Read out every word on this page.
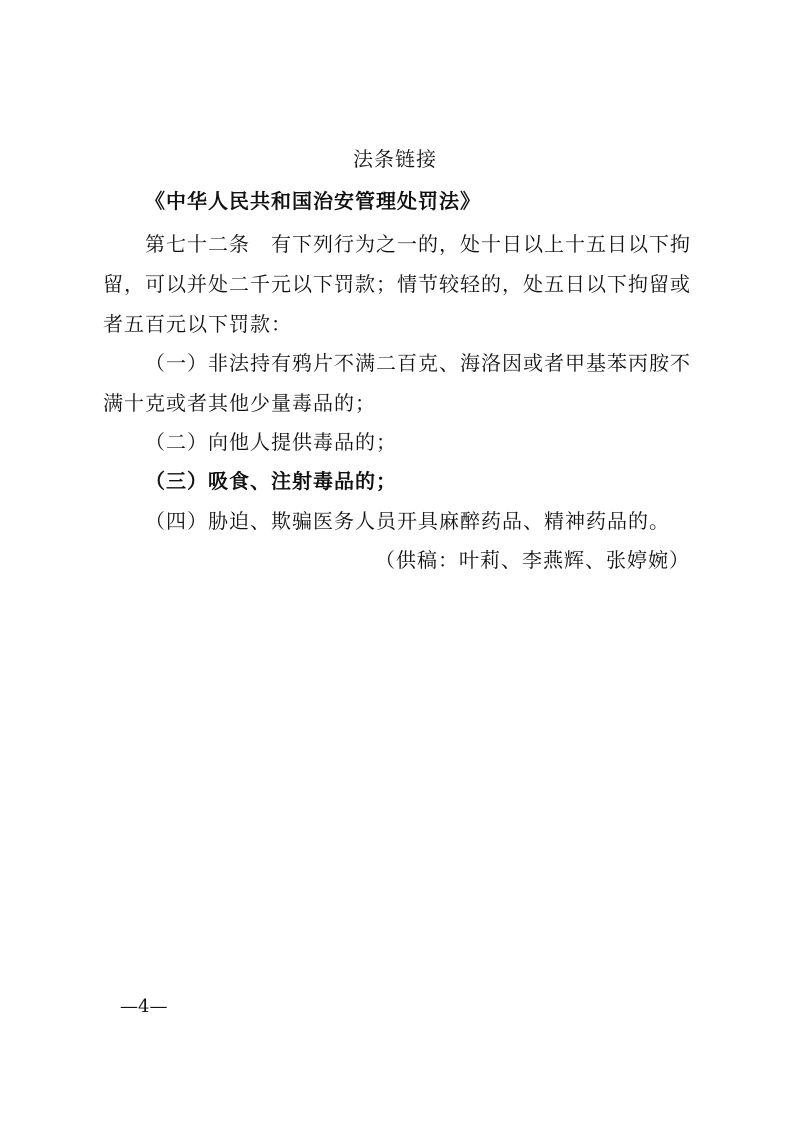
法条链接
《中华人民共和国治安管理处罚法》
第七十二条　有下列行为之一的，处十日以上十五日以下拘
留，可以并处二千元以下罚款；情节较轻的，处五日以下拘留或
者五百元以下罚款：
（一）非法持有鸦片不满二百克、海洛因或者甲基苯丙胺不
满十克或者其他少量毒品的；
（二）向他人提供毒品的；
（三）吸食、注射毒品的；
（四）胁迫、欺骗医务人员开具麻醉药品、精神药品的。
（供稿：叶莉、李燕辉、张婷婉）
—4—
